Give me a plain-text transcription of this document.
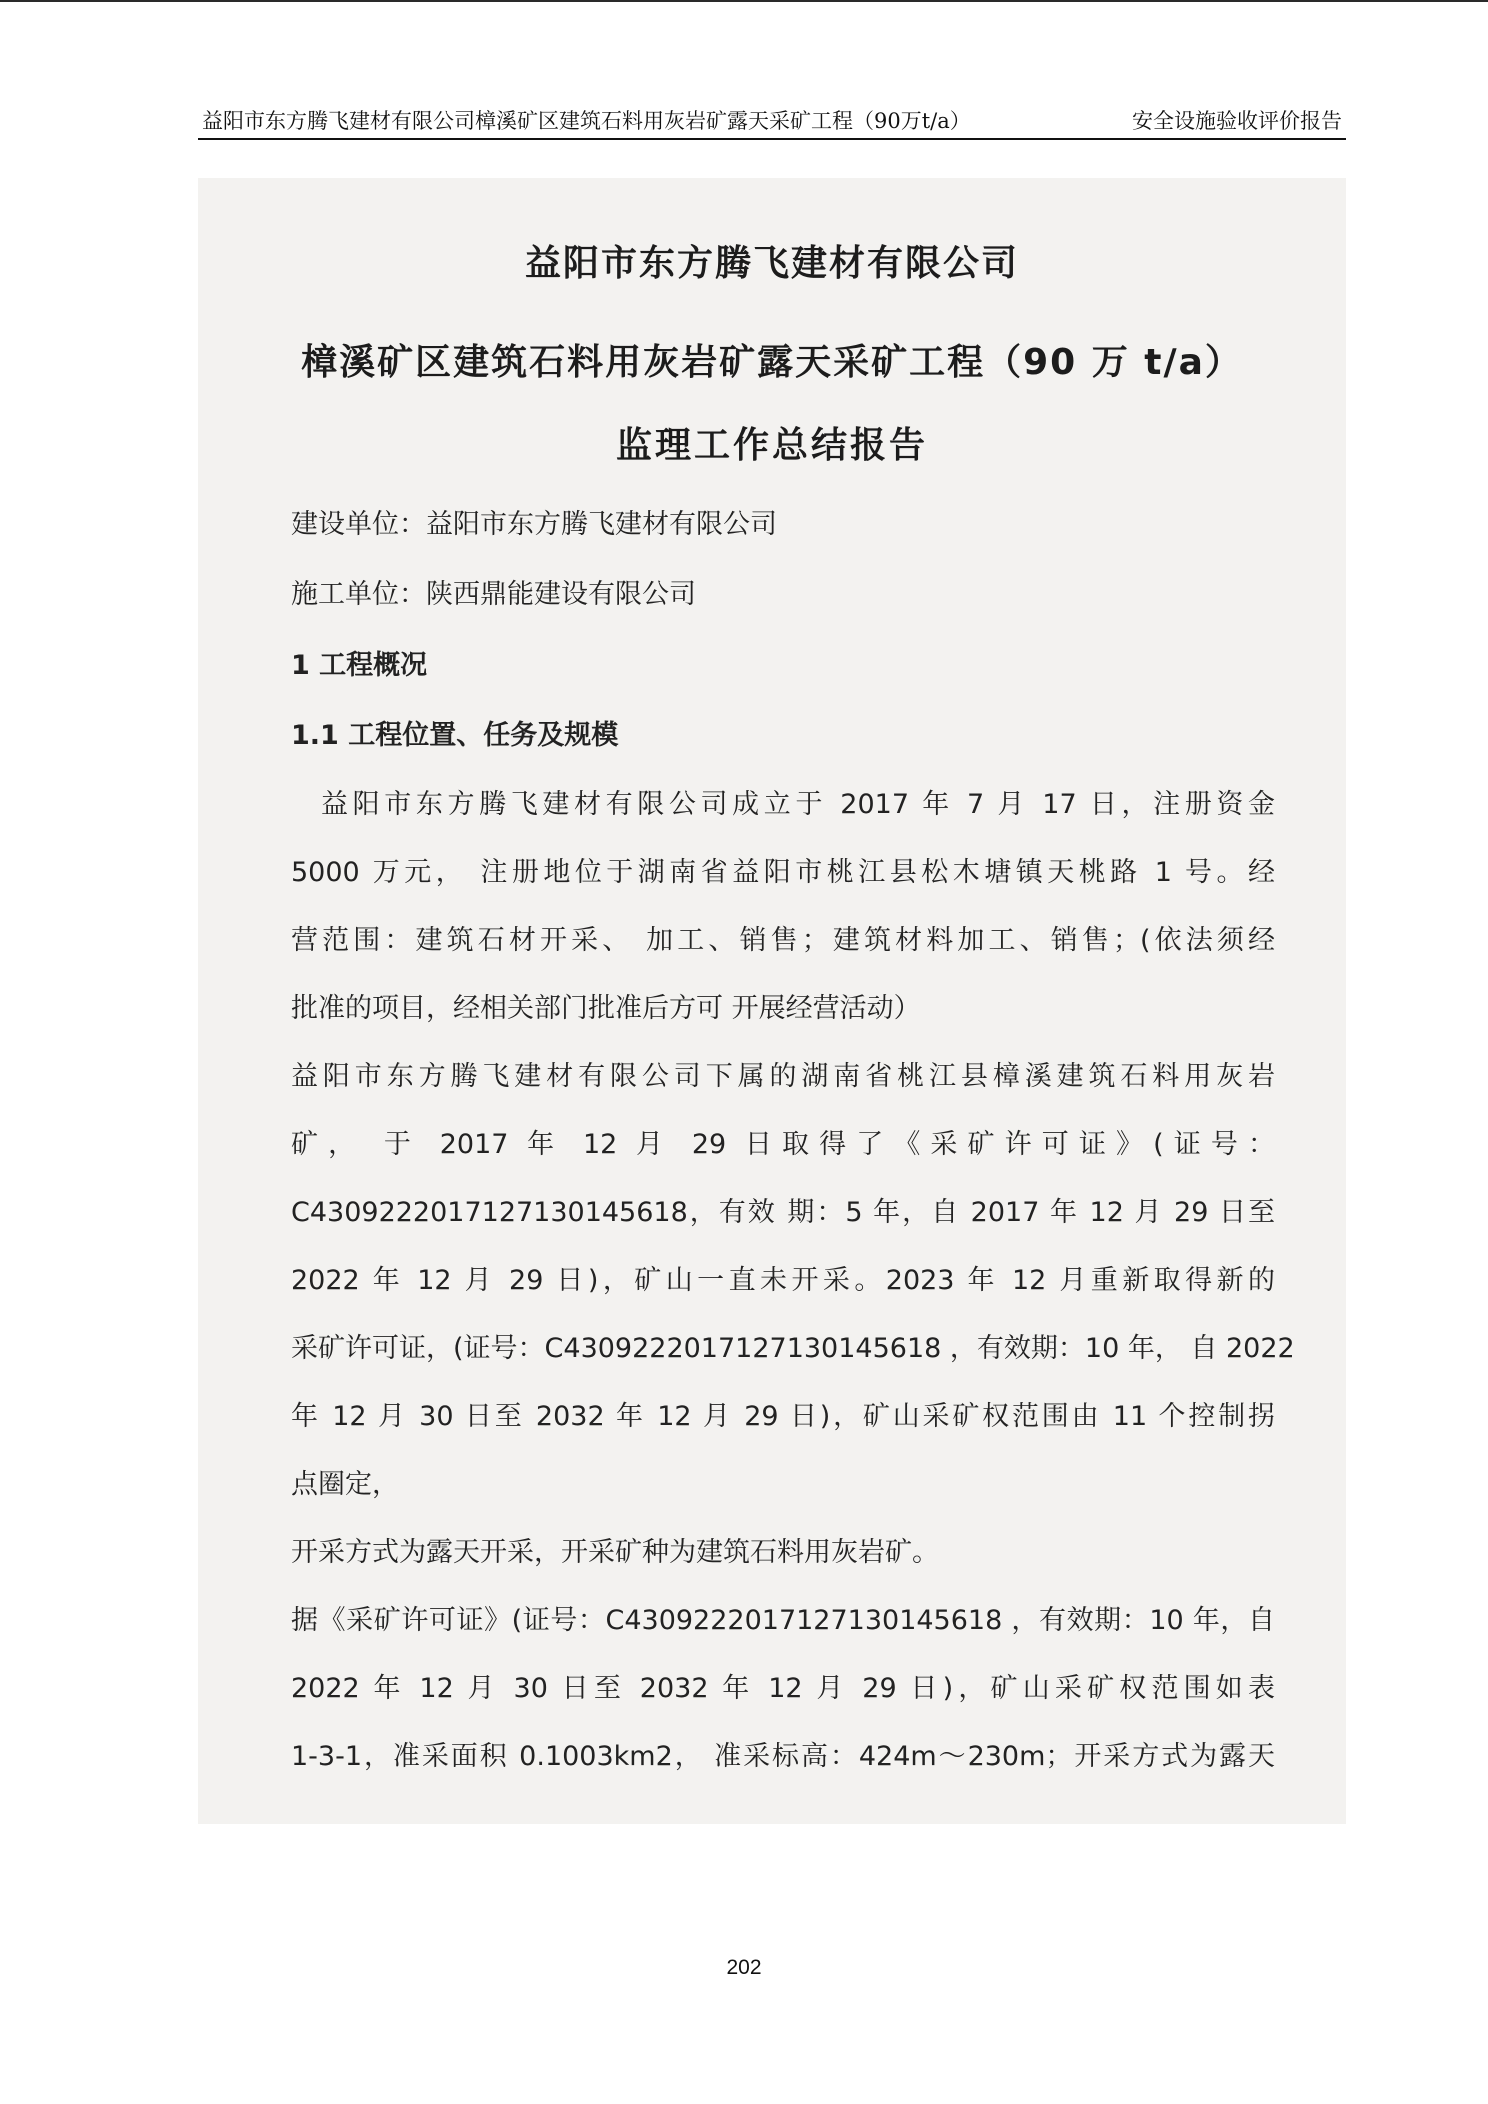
益阳市东方腾飞建材有限公司樟溪矿区建筑石料用灰岩矿露天采矿工程（90万t/a）	安全设施验收评价报告
益阳市东方腾飞建材有限公司
樟溪矿区建筑石料用灰岩矿露天采矿工程（90 万 t/a）
监理工作总结报告
建设单位：益阳市东方腾飞建材有限公司
施工单位：陕西鼎能建设有限公司
1 工程概况
1.1 工程位置、任务及规模
益阳市东方腾飞建材有限公司成立于 2017 年 7 月 17 日，注册资金
5000 万元， 注册地位于湖南省益阳市桃江县松木塘镇天桃路 1 号。经
营范围：建筑石材开采、 加工、销售；建筑材料加工、销售；(依法须经
批准的项目，经相关部门批准后方可 开展经营活动）
益阳市东方腾飞建材有限公司下属的湖南省桃江县樟溪建筑石料用灰岩
矿， 于 2017 年 12 月 29 日取得了《采矿许可证》(证号：
C4309222017127130145618，有效 期：5 年，自 2017 年 12 月 29 日至
2022 年 12 月 29 日)，矿山一直未开采。2023 年 12 月重新取得新的
采矿许可证，(证号：C4309222017127130145618 ，有效期：10 年， 自 2022
年 12 月 30 日至 2032 年 12 月 29 日)，矿山采矿权范围由 11 个控制拐
点圈定，
开采方式为露天开采，开采矿种为建筑石料用灰岩矿。
据《采矿许可证》(证号：C4309222017127130145618 ，有效期：10 年，自
2022 年 12 月 30 日至 2032 年 12 月 29 日)，矿山采矿权范围如表
1-3-1，准采面积 0.1003km2， 准采标高：424m～230m；开采方式为露天
202
